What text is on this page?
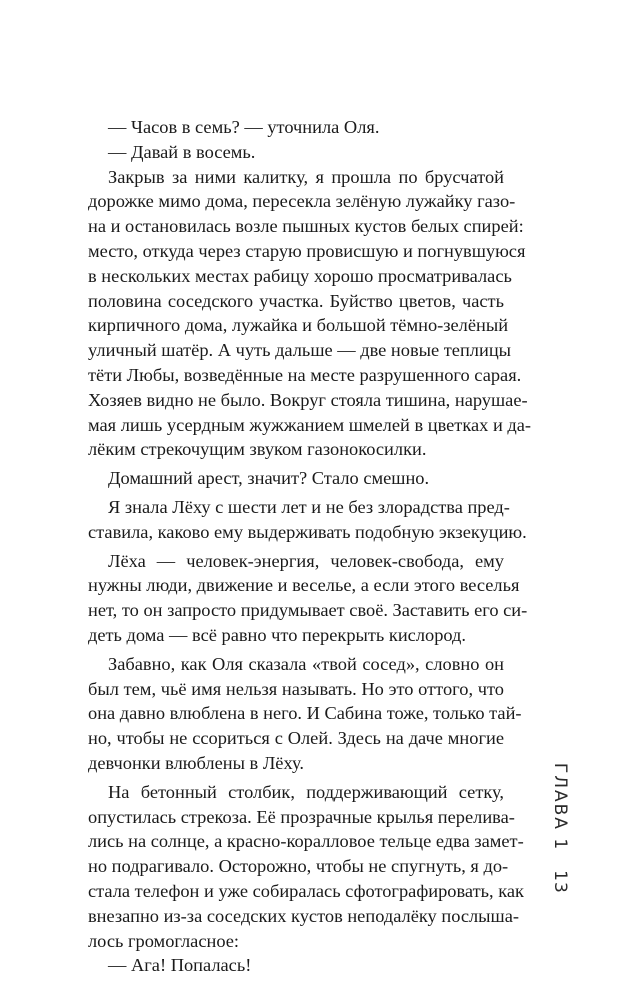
— Часов в семь? — уточнила Оля.
— Давай в восемь.
Закрыв за ними калитку, я прошла по брусчатой
дорожке мимо дома, пересекла зелёную лужайку газо-
на и остановилась возле пышных кустов белых спирей:
место, откуда через старую провисшую и погнувшуюся
в нескольких местах рабицу хорошо просматривалась
половина соседского участка. Буйство цветов, часть
кирпичного дома, лужайка и большой тёмно-зелёный
уличный шатёр. А чуть дальше — две новые теплицы
тёти Любы, возведённые на месте разрушенного сарая.
Хозяев видно не было. Вокруг стояла тишина, нарушае-
мая лишь усердным жужжанием шмелей в цветках и да-
лёким стрекочущим звуком газонокосилки.
Домашний арест, значит? Стало смешно.
Я знала Лёху с шести лет и не без злорадства пред-
ставила, каково ему выдерживать подобную экзекуцию.
Лёха — человек-энергия, человек-свобода, ему
нужны люди, движение и веселье, а если этого веселья
нет, то он запросто придумывает своё. Заставить его си-
деть дома — всё равно что перекрыть кислород.
Забавно, как Оля сказала «твой сосед», словно он
был тем, чьё имя нельзя называть. Но это оттого, что
она давно влюблена в него. И Сабина тоже, только тай-
но, чтобы не ссориться с Олей. Здесь на даче многие
девчонки влюблены в Лёху.
На бетонный столбик, поддерживающий сетку,
опустилась стрекоза. Её прозрачные крылья перелива-
лись на солнце, а красно-коралловое тельце едва замет-
но подрагивало. Осторожно, чтобы не спугнуть, я до-
стала телефон и уже собиралась сфотографировать, как
внезапно из-за соседских кустов неподалёку послыша-
лось громогласное:
— Ага! Попалась!
ГЛАВА 1
13
